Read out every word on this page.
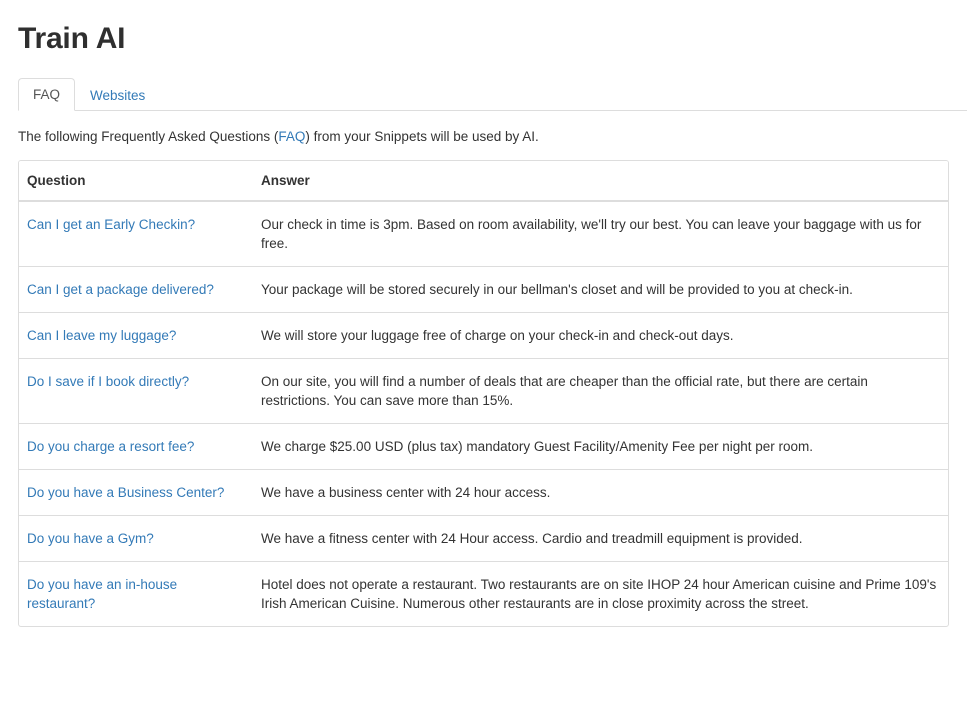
Train AI
FAQ	Websites

The following Frequently Asked Questions (FAQ) from your Snippets will be used by AI.

Question	Answer
Can I get an Early Checkin?	Our check in time is 3pm. Based on room availability, we'll try our best. You can leave your baggage with us for free.
Can I get a package delivered?	Your package will be stored securely in our bellman's closet and will be provided to you at check-in.
Can I leave my luggage?	We will store your luggage free of charge on your check-in and check-out days.
Do I save if I book directly?	On our site, you will find a number of deals that are cheaper than the official rate, but there are certain restrictions. You can save more than 15%.
Do you charge a resort fee?	We charge $25.00 USD (plus tax) mandatory Guest Facility/Amenity Fee per night per room.
Do you have a Business Center?	We have a business center with 24 hour access.
Do you have a Gym?	We have a fitness center with 24 Hour access. Cardio and treadmill equipment is provided.
Do you have an in-house restaurant?	Hotel does not operate a restaurant. Two restaurants are on site IHOP 24 hour American cuisine and Prime 109's Irish American Cuisine. Numerous other restaurants are in close proximity across the street.
